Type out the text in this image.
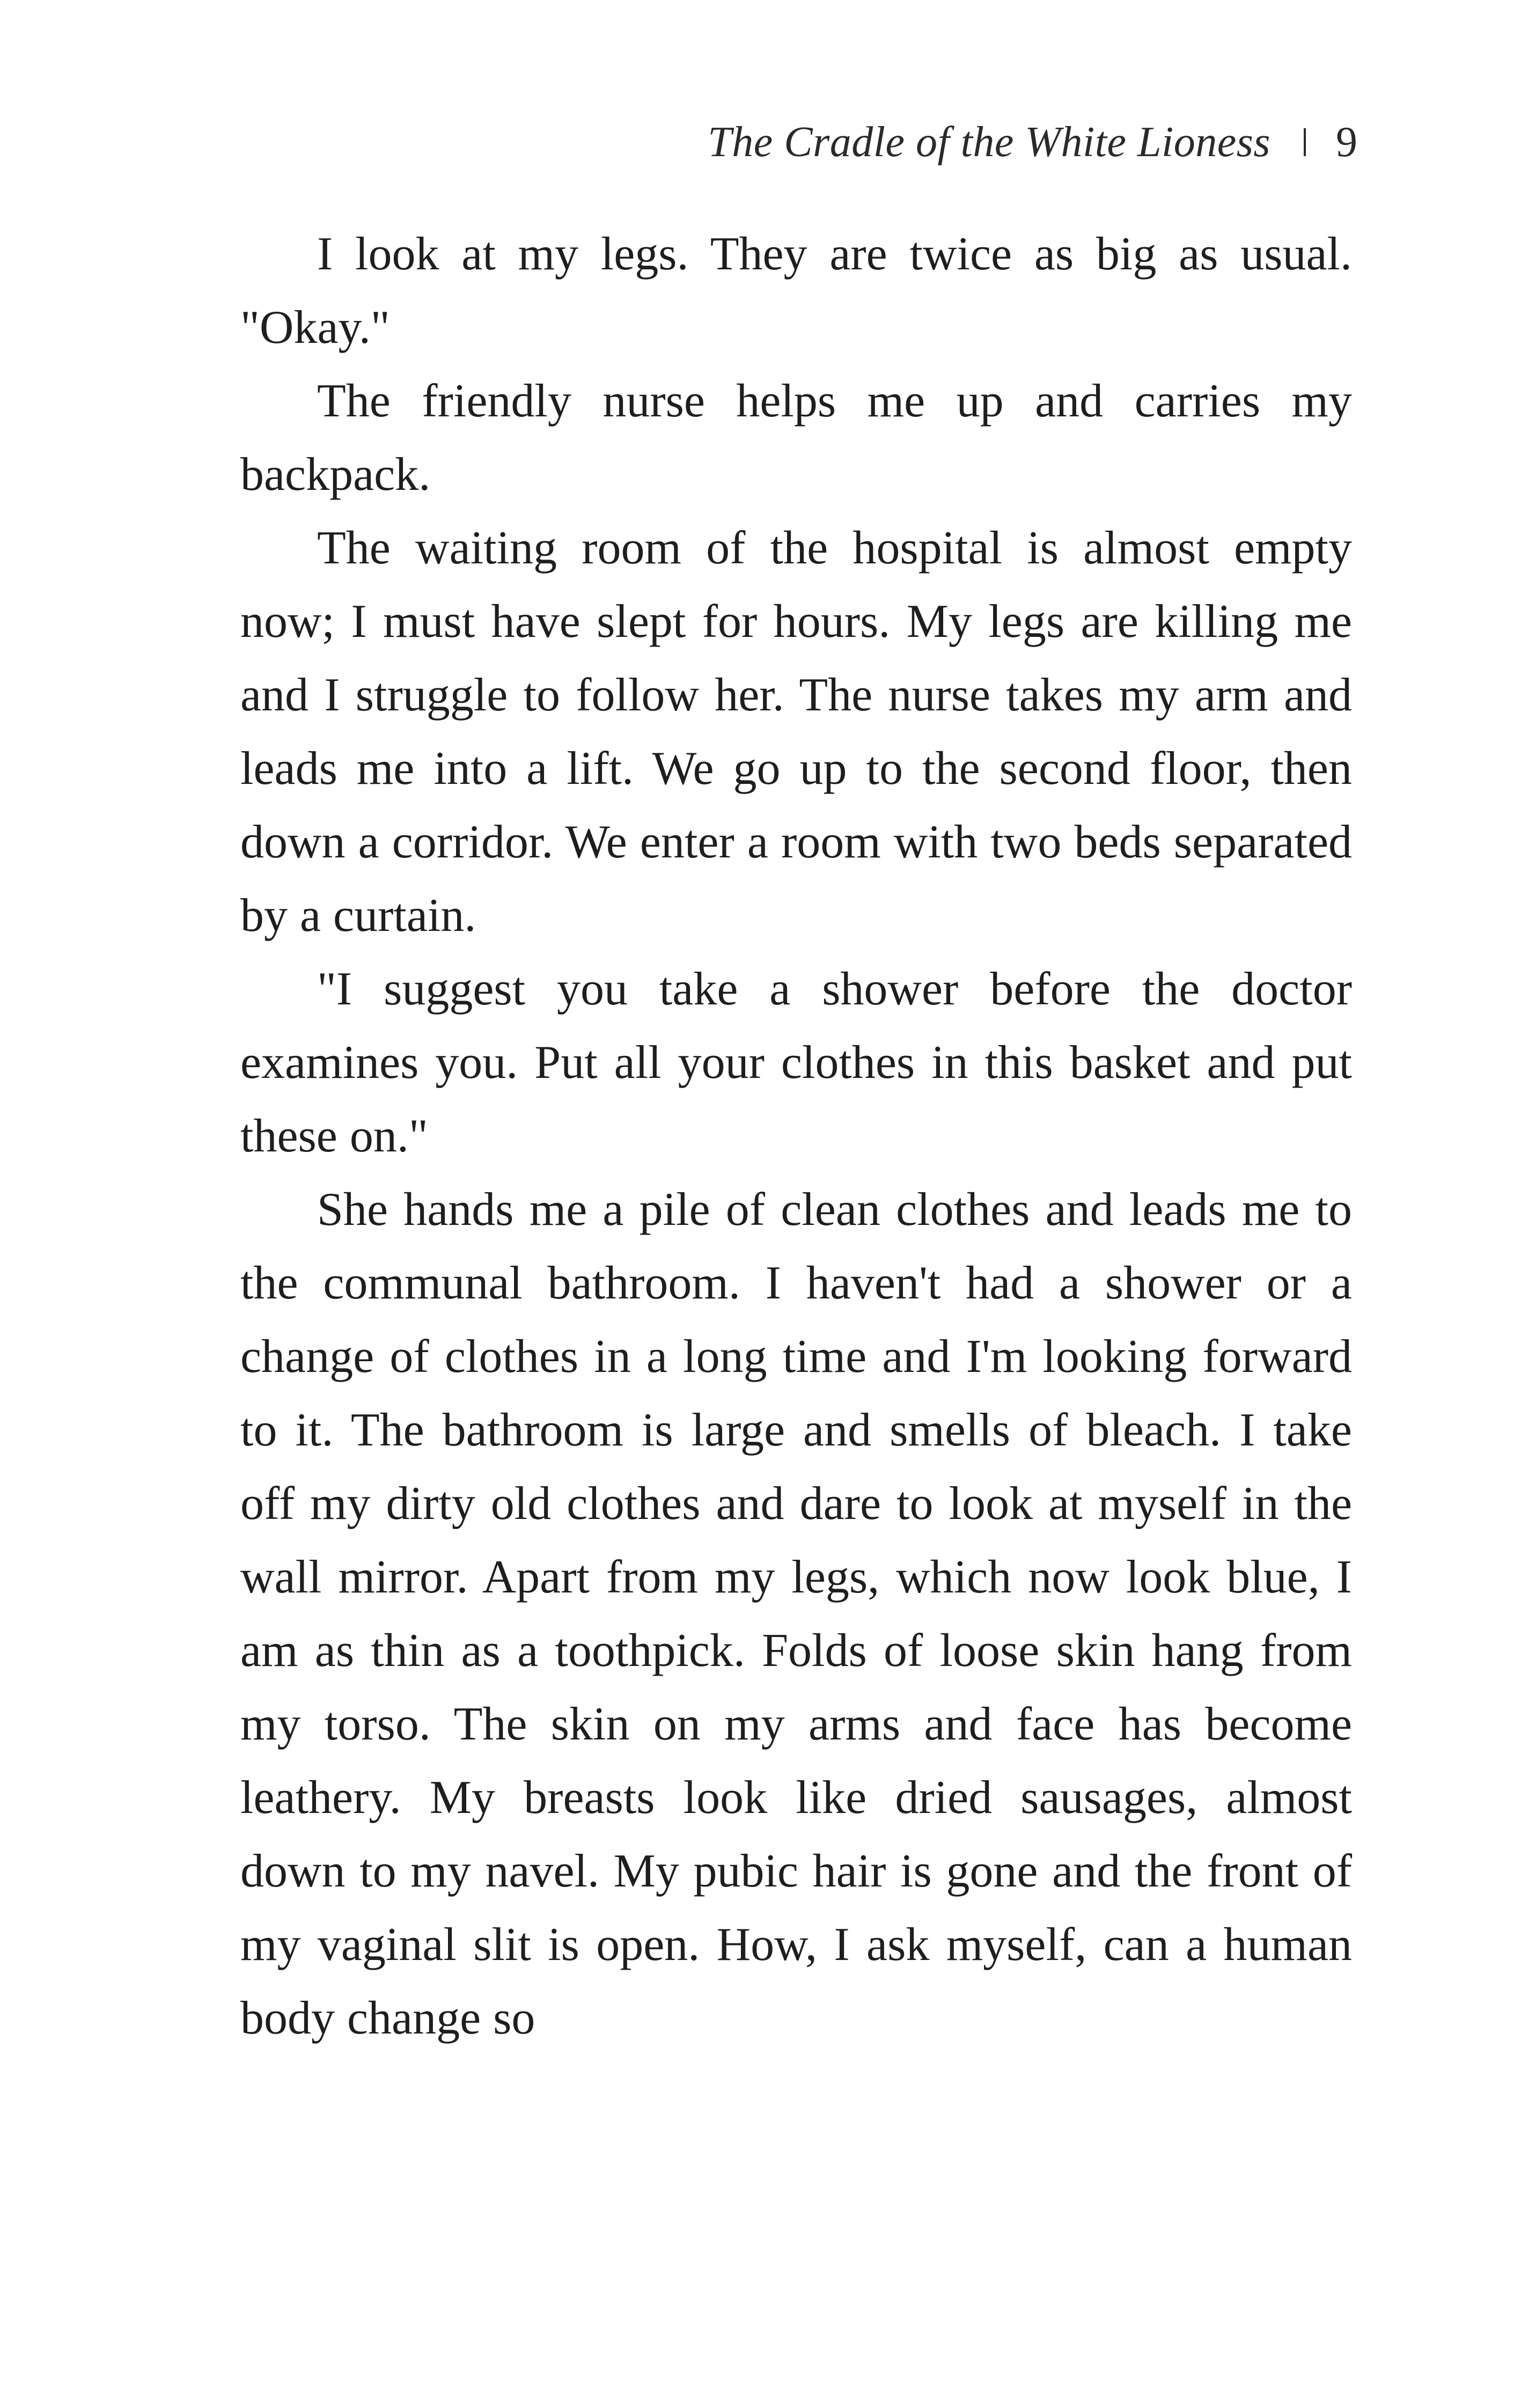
The Cradle of the White Lioness 9

I look at my legs. They are twice as big as usual. "Okay."

The friendly nurse helps me up and carries my backpack.

The waiting room of the hospital is almost empty now; I must have slept for hours. My legs are killing me and I struggle to follow her. The nurse takes my arm and leads me into a lift. We go up to the second floor, then down a corridor. We enter a room with two beds separated by a curtain.

"I suggest you take a shower before the doctor examines you. Put all your clothes in this basket and put these on."

She hands me a pile of clean clothes and leads me to the communal bathroom. I haven't had a shower or a change of clothes in a long time and I'm looking forward to it. The bathroom is large and smells of bleach. I take off my dirty old clothes and dare to look at myself in the wall mirror. Apart from my legs, which now look blue, I am as thin as a toothpick. Folds of loose skin hang from my torso. The skin on my arms and face has become leathery. My breasts look like dried sausages, almost down to my navel. My pubic hair is gone and the front of my vaginal slit is open. How, I ask myself, can a human body change so
